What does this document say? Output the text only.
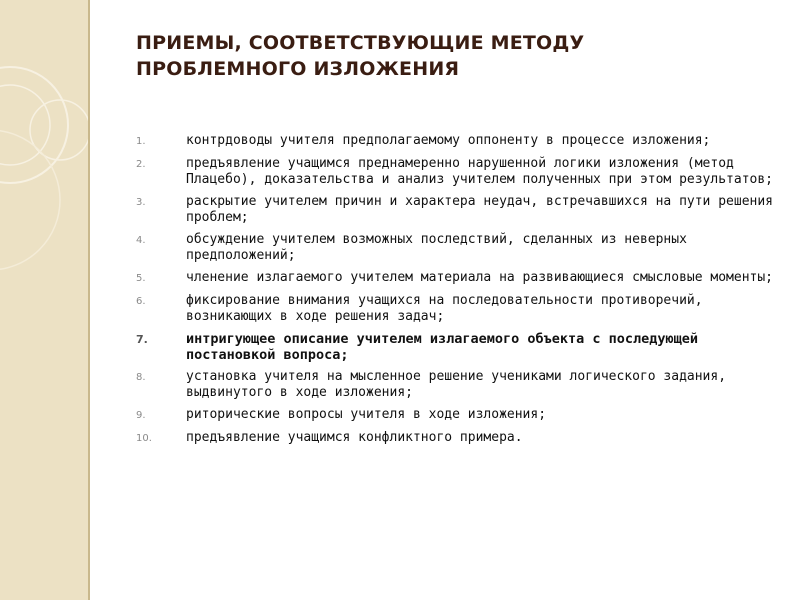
ПРИЕМЫ, СООТВЕТСТВУЮЩИЕ МЕТОДУ
ПРОБЛЕМНОГО ИЗЛОЖЕНИЯ
1.	контрдоводы учителя предполагаемому оппоненту в процессе изложения;
2.	предъявление учащимся преднамеренно нарушенной логики изложения (метод Плацебо), доказательства и анализ учителем полученных при этом результатов;
3.	раскрытие учителем причин и характера неудач, встречавшихся на пути решения проблем;
4.	обсуждение учителем возможных последствий, сделанных из неверных предположений;
5.	членение излагаемого учителем материала на развивающиеся смысловые моменты;
6.	фиксирование внимания учащихся на последовательности противоречий, возникающих в ходе решения задач;
7.	интригующее описание учителем излагаемого объекта с последующей постановкой вопроса;
8.	установка учителя на мысленное решение учениками логического задания, выдвинутого в ходе изложения;
9.	риторические вопросы учителя в ходе изложения;
10.	предъявление учащимся конфликтного примера.
